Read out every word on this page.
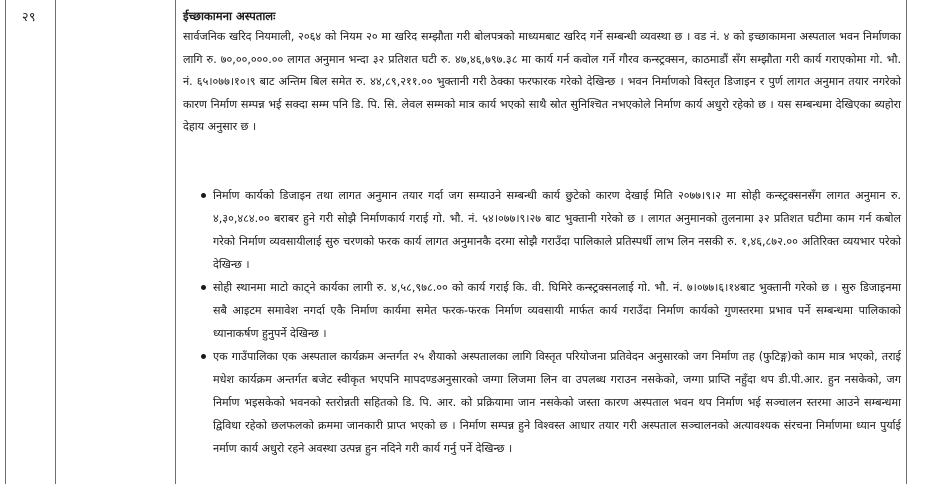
२९	ईच्छाकामना अस्पतालः

सार्वजनिक खरिद नियमाली, २०६४ को नियम २० मा खरिद सम्झौता गरी बोलपत्रको माध्यमबाट खरिद गर्ने सम्बन्धी व्यवस्था छ । वड नं. ४ को इच्छाकामना अस्पताल भवन निर्माणका लागि रु. ७०,००,०००.०० लागत अनुमान भन्दा ३२ प्रतिशत घटी रु. ४७,४६,७९७.३८ मा कार्य गर्न कवोल गर्ने गौरव कन्स्ट्रक्सन, काठमाडौं सँग सम्झौता गरी कार्य गराएकोमा गो. भौ. नं. ६५।०७७।१०।९ बाट अन्तिम बिल समेत रु. ४४,८९,२११.०० भुक्तानी गरी ठेक्का फरफारक गरेको देखिन्छ । भवन निर्माणको विस्तृत डिजाइन र पुर्ण लागत अनुमान तयार नगरेको कारण निर्माण सम्पन्न भई सक्दा सम्म पनि डि. पि. सि. लेवल सम्मको मात्र कार्य भएको साथै स्रोत सुनिश्चित नभएकोले निर्माण कार्य अधुरो रहेको छ । यस सम्बन्धमा देखिएका ब्यहोरा देहाय अनुसार छ ।

निर्माण कार्यको डिजाइन तथा लागत अनुमान तयार गर्दा जग सम्याउने सम्बन्धी कार्य छुटेको कारण देखाई मिति २०७७।९।२ मा सोही कन्स्ट्रक्सनसँग लागत अनुमान रु. ४,३०,४८४.०० बराबर हुने गरी सोझै निर्माणकार्य गराई गो. भौ. नं. ५४।०७७।९।२७ बाट भुक्तानी गरेको छ । लागत अनुमानको तुलनामा ३२ प्रतिशत घटीमा काम गर्न कबोल गरेको निर्माण व्यवसायीलाई सुरु चरणको फरक कार्य लागत अनुमानकै दरमा सोझै गराउँदा पालिकाले प्रतिस्पर्धी लाभ लिन नसकी रु. १,४६,८७२.०० अतिरिक्त व्ययभार परेको देखिन्छ ।
सोही स्थानमा माटो काट्ने कार्यका लागी रु. ४,५८,९७८.०० को कार्य गराई कि. वी. घिमिरे कन्स्ट्रक्सनलाई गो. भौ. नं. ७।०७७।६।१४बाट भुक्तानी गरेको छ । सुरु डिजाइनमा सबै आइटम समावेश नगर्दा एकै निर्माण कार्यमा समेत फरक-फरक निर्माण व्यवसायी मार्फत कार्य गराउँदा निर्माण कार्यको गुणस्तरमा प्रभाव पर्ने सम्बन्धमा पालिकाको ध्यानाकर्षण हुनुपर्ने देखिन्छ ।
एक गाउँपालिका एक अस्पताल कार्यक्रम अन्तर्गत २५ शैयाको अस्पतालका लागि विस्तृत परियोजना प्रतिवेदन अनुसारको जग निर्माण तह (फुटिङ्ग)को काम मात्र भएको, तराई मधेश कार्यक्रम अन्तर्गत बजेट स्वीकृत भएपनि मापदण्डअनुसारको जग्गा लिजमा लिन वा उपलब्ध गराउन नसकेको, जग्गा प्राप्ति नहुँदा थप डी.पी.आर. हुन नसकेको, जग निर्माण भइसकेको भवनको स्तरोन्नती सहितको डि. पि. आर. को प्रक्रियामा जान नसकेको जस्ता कारण अस्पताल भवन थप निर्माण भई सञ्चालन स्तरमा आउने सम्बन्धमा द्विविधा रहेको छलफलको क्रममा जानकारी प्राप्त भएको छ । निर्माण सम्पन्न हुने विश्वस्त आधार तयार गरी अस्पताल सञ्चालनको अत्यावश्यक संरचना निर्माणमा ध्यान पुर्याई नर्माण कार्य अधुरो रहने अवस्था उत्पन्न हुन नदिने गरी कार्य गर्नु पर्ने देखिन्छ ।
